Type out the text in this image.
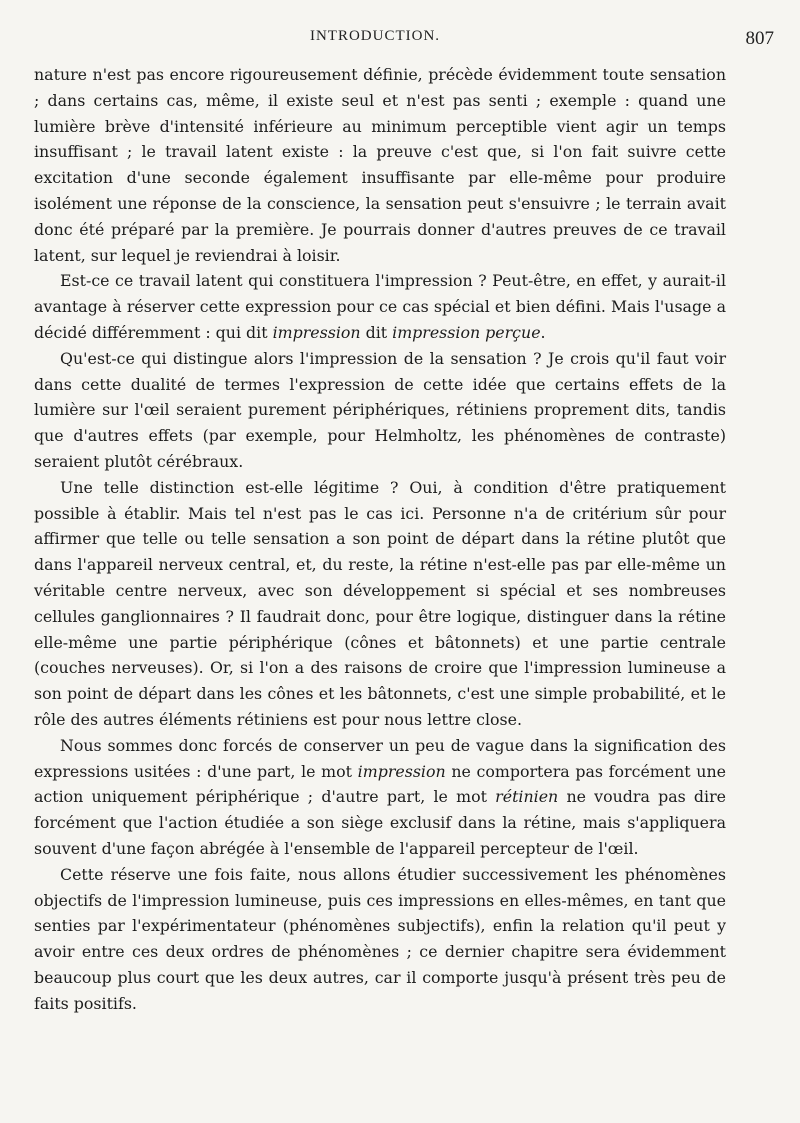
INTRODUCTION.	807

nature n'est pas encore rigoureusement définie, précède évidemment toute sensation ; dans certains cas, même, il existe seul et n'est pas senti ; exemple : quand une lumière brève d'intensité inférieure au minimum perceptible vient agir un temps insuffisant ; le travail latent existe : la preuve c'est que, si l'on fait suivre cette excitation d'une seconde également insuffisante par elle-même pour produire isolément une réponse de la conscience, la sensation peut s'ensuivre ; le terrain avait donc été préparé par la première. Je pourrais donner d'autres preuves de ce travail latent, sur lequel je reviendrai à loisir.

Est-ce ce travail latent qui constituera l'impression ? Peut-être, en effet, y aurait-il avantage à réserver cette expression pour ce cas spécial et bien défini. Mais l'usage a décidé différemment : qui dit impression dit impression perçue.

Qu'est-ce qui distingue alors l'impression de la sensation ? Je crois qu'il faut voir dans cette dualité de termes l'expression de cette idée que certains effets de la lumière sur l'œil seraient purement périphériques, rétiniens proprement dits, tandis que d'autres effets (par exemple, pour Helmholtz, les phénomènes de contraste) seraient plutôt cérébraux.

Une telle distinction est-elle légitime ? Oui, à condition d'être pratiquement possible à établir. Mais tel n'est pas le cas ici. Personne n'a de critérium sûr pour affirmer que telle ou telle sensation a son point de départ dans la rétine plutôt que dans l'appareil nerveux central, et, du reste, la rétine n'est-elle pas par elle-même un véritable centre nerveux, avec son développement si spécial et ses nombreuses cellules ganglionnaires ? Il faudrait donc, pour être logique, distinguer dans la rétine elle-même une partie périphérique (cônes et bâtonnets) et une partie centrale (couches nerveuses). Or, si l'on a des raisons de croire que l'impression lumineuse a son point de départ dans les cônes et les bâtonnets, c'est une simple probabilité, et le rôle des autres éléments rétiniens est pour nous lettre close.

Nous sommes donc forcés de conserver un peu de vague dans la signification des expressions usitées : d'une part, le mot impression ne comportera pas forcément une action uniquement périphérique ; d'autre part, le mot rétinien ne voudra pas dire forcément que l'action étudiée a son siège exclusif dans la rétine, mais s'appliquera souvent d'une façon abrégée à l'ensemble de l'appareil percepteur de l'œil.

Cette réserve une fois faite, nous allons étudier successivement les phénomènes objectifs de l'impression lumineuse, puis ces impressions en elles-mêmes, en tant que senties par l'expérimentateur (phénomènes subjectifs), enfin la relation qu'il peut y avoir entre ces deux ordres de phénomènes ; ce dernier chapitre sera évidemment beaucoup plus court que les deux autres, car il comporte jusqu'à présent très peu de faits positifs.
